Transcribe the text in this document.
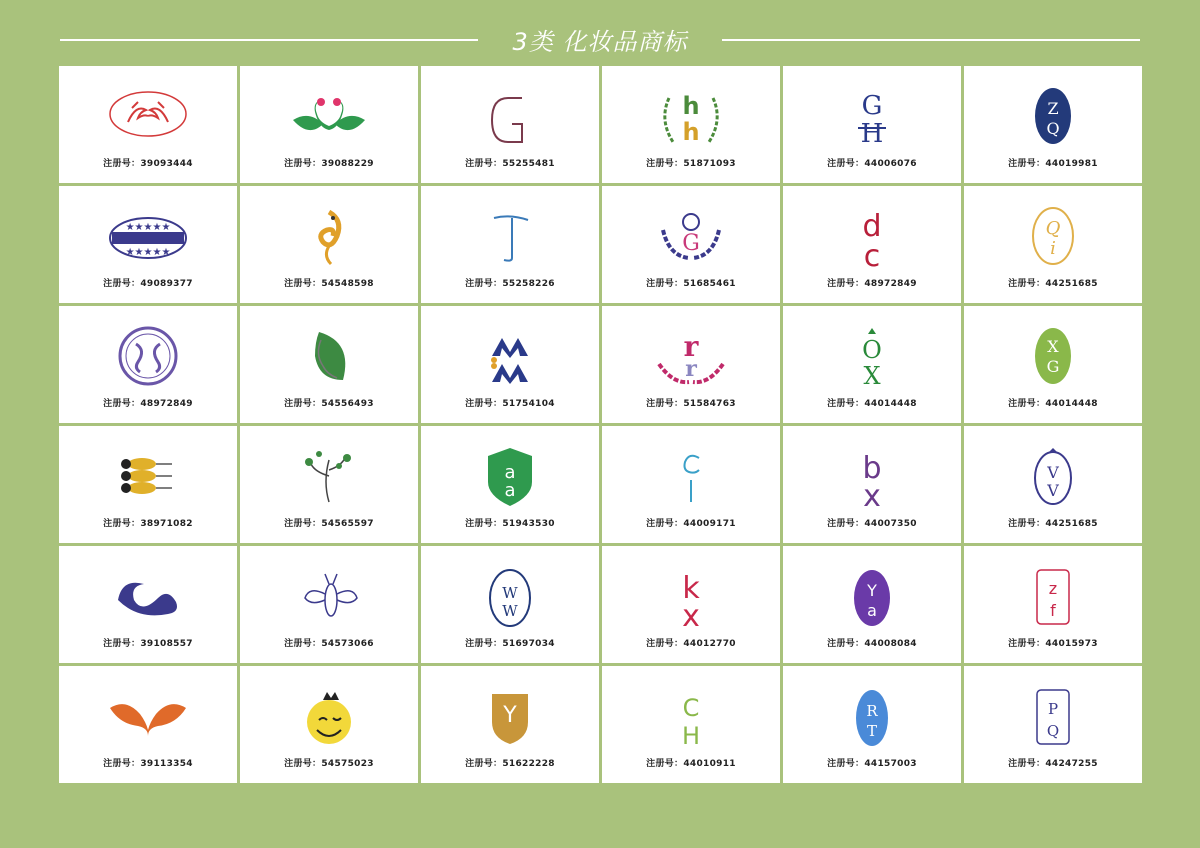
3类 化妆品商标
注册号：39093444	注册号：39088229	注册号：55255481
h
h
注册号：51871093
G
H
注册号：44006076
Z
Q
注册号：44019981
★★★★★
★★★★★
注册号：49089377	注册号：54548598	注册号：55258226
G
注册号：51685461
d
c
注册号：48972849
Q
i
注册号：44251685
注册号：48972849	注册号：54556493	注册号：51754104
r
r
注册号：51584763
O
X
注册号：44014448
X
G
注册号：44014448
注册号：38971082	注册号：54565597
a
a
注册号：51943530	注册号：44009171
b
x
注册号：44007350
V
V
注册号：44251685
注册号：39108557	注册号：54573066
W
W
注册号：51697034
k
x
注册号：44012770
Y
a
注册号：44008084
z
f
注册号：44015973
注册号：39113354	注册号：54575023
Y
注册号：51622228
C
H
注册号：44010911
R
T
注册号：44157003
P
Q
注册号：44247255
